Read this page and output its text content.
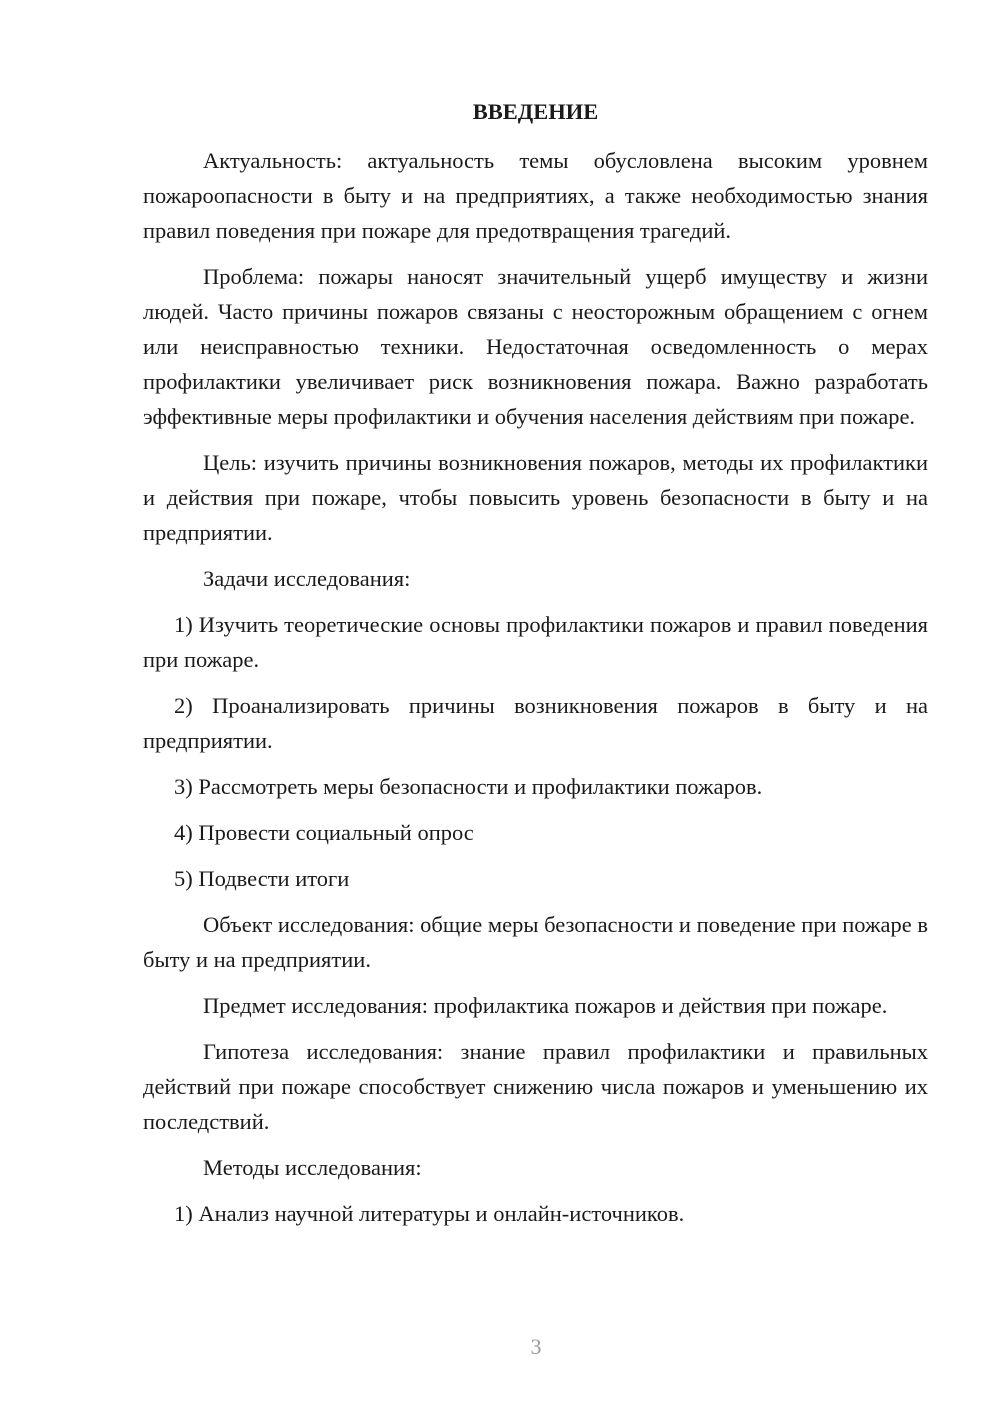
ВВЕДЕНИЕ

Актуальность: актуальность темы обусловлена высоким уровнем пожароопасности в быту и на предприятиях, а также необходимостью знания правил поведения при пожаре для предотвращения трагедий.

Проблема: пожары наносят значительный ущерб имуществу и жизни людей. Часто причины пожаров связаны с неосторожным обращением с огнем или неисправностью техники. Недостаточная осведомленность о мерах профилактики увеличивает риск возникновения пожара. Важно разработать эффективные меры профилактики и обучения населения действиям при пожаре.

Цель: изучить причины возникновения пожаров, методы их профилактики и действия при пожаре, чтобы повысить уровень безопасности в быту и на предприятии.

Задачи исследования:

1) Изучить теоретические основы профилактики пожаров и правил поведения при пожаре.

2) Проанализировать причины возникновения пожаров в быту и на предприятии.

3) Рассмотреть меры безопасности и профилактики пожаров.

4) Провести социальный опрос

5) Подвести итоги

Объект исследования: общие меры безопасности и поведение при пожаре в быту и на предприятии.

Предмет исследования: профилактика пожаров и действия при пожаре.

Гипотеза исследования: знание правил профилактики и правильных действий при пожаре способствует снижению числа пожаров и уменьшению их последствий.

Методы исследования:

1) Анализ научной литературы и онлайн-источников.

3
